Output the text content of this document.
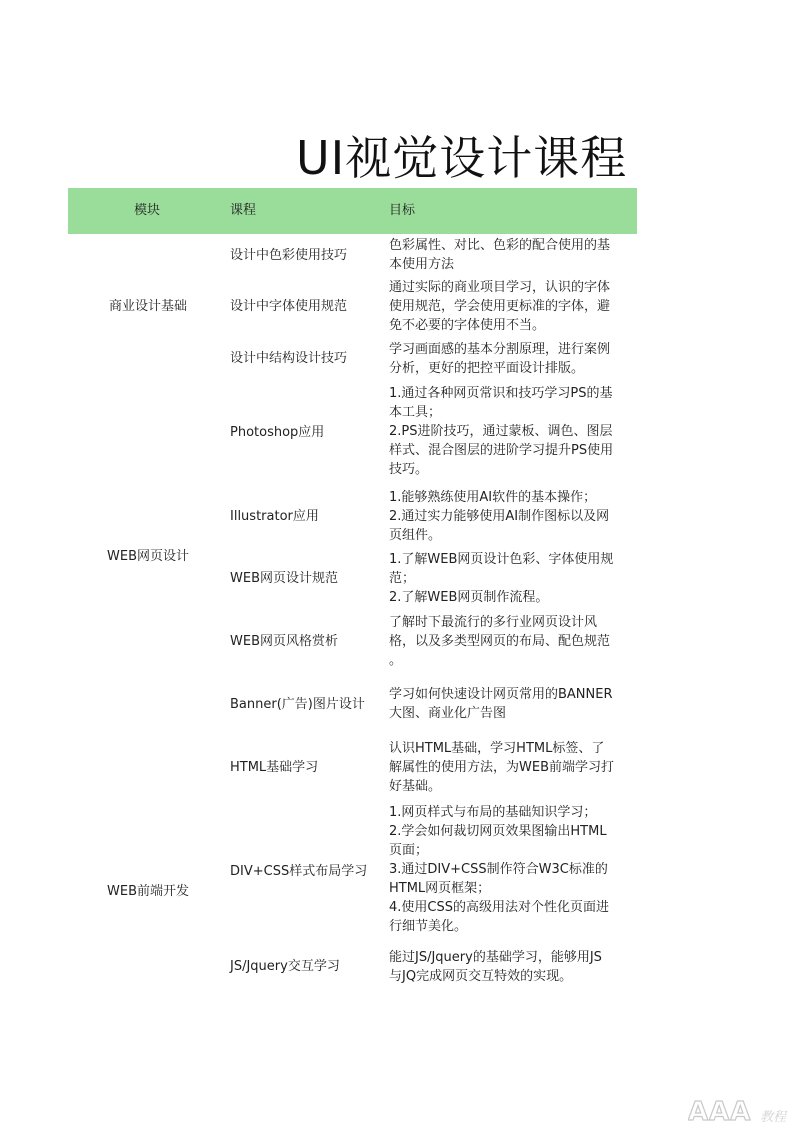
UI视觉设计课程
模块	课程	目标
商业设计基础
WEB网页设计
WEB前端开发
设计中色彩使用技巧
设计中字体使用规范
设计中结构设计技巧
Photoshop应用
Illustrator应用
WEB网页设计规范
WEB网页风格赏析
Banner(广告)图片设计
HTML基础学习
DIV+CSS样式布局学习
JS/Jquery交互学习
色彩属性、对比、色彩的配合使用的基
本使用方法
通过实际的商业项目学习，认识的字体
使用规范，学会使用更标准的字体，避
免不必要的字体使用不当。
学习画面感的基本分割原理，进行案例
分析，更好的把控平面设计排版。
1.通过各种网页常识和技巧学习PS的基
本工具；
2.PS进阶技巧，通过蒙板、调色、图层
样式、混合图层的进阶学习提升PS使用
技巧。
1.能够熟练使用AI软件的基本操作；
2.通过实力能够使用AI制作图标以及网
页组件。
1.了解WEB网页设计色彩、字体使用规
范；
2.了解WEB网页制作流程。
了解时下最流行的多行业网页设计风
格，以及多类型网页的布局、配色规范
。
学习如何快速设计网页常用的BANNER
大图、商业化广告图
认识HTML基础，学习HTML标签、了
解属性的使用方法，为WEB前端学习打
好基础。
1.网页样式与布局的基础知识学习；
2.学会如何裁切网页效果图输出HTML
页面；
3.通过DIV+CSS制作符合W3C标准的
HTML网页框架；
4.使用CSS的高级用法对个性化页面进
行细节美化。
能过JS/Jquery的基础学习，能够用JS
与JQ完成网页交互特效的实现。
AAA 教程
